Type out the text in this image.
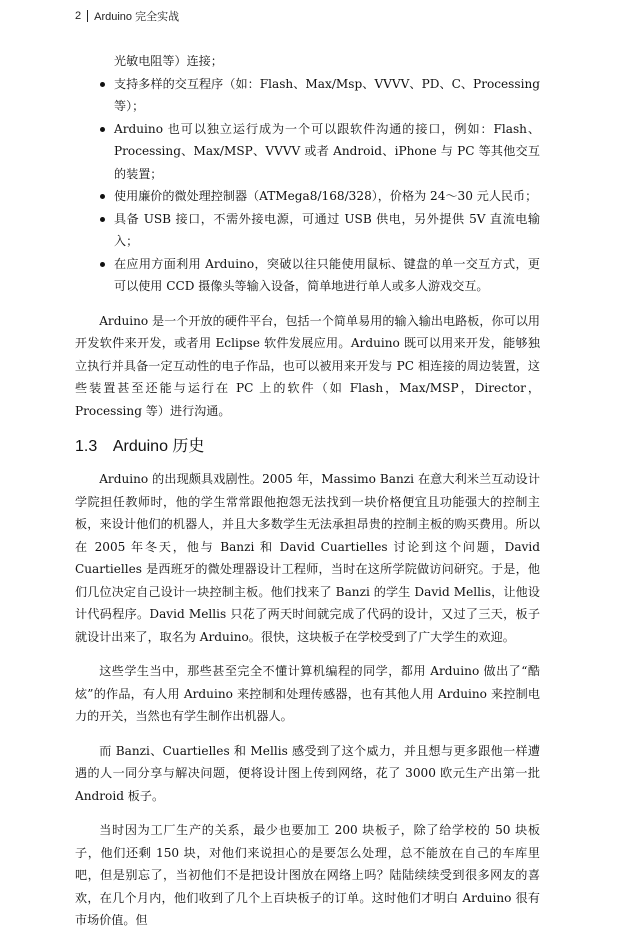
2 Arduino 完全实战
光敏电阻等）连接；
支持多样的交互程序（如：Flash、Max/Msp、VVVV、PD、C、Processing 等）；
Arduino 也可以独立运行成为一个可以跟软件沟通的接口，例如：Flash、Processing、Max/MSP、VVVV 或者 Android、iPhone 与 PC 等其他交互的装置；
使用廉价的微处理控制器（ATMega8/168/328），价格为 24～30 元人民币；
具备 USB 接口，不需外接电源，可通过 USB 供电，另外提供 5V 直流电输入；
在应用方面利用 Arduino，突破以往只能使用鼠标、键盘的单一交互方式，更可以使用 CCD 摄像头等输入设备，简单地进行单人或多人游戏交互。

Arduino 是一个开放的硬件平台，包括一个简单易用的输入输出电路板，你可以用开发软件来开发，或者用 Eclipse 软件发展应用。Arduino 既可以用来开发，能够独立执行并具备一定互动性的电子作品，也可以被用来开发与 PC 相连接的周边装置，这些装置甚至还能与运行在 PC 上的软件（如 Flash，Max/MSP，Director，Processing 等）进行沟通。

1.3 Arduino 历史

Arduino 的出现颇具戏剧性。2005 年，Massimo Banzi 在意大利米兰互动设计学院担任教师时，他的学生常常跟他抱怨无法找到一块价格便宜且功能强大的控制主板，来设计他们的机器人，并且大多数学生无法承担昂贵的控制主板的购买费用。所以在 2005 年冬天，他与 Banzi 和 David Cuartielles 讨论到这个问题，David Cuartielles 是西班牙的微处理器设计工程师，当时在这所学院做访问研究。于是，他们几位决定自己设计一块控制主板。他们找来了 Banzi 的学生 David Mellis，让他设计代码程序。David Mellis 只花了两天时间就完成了代码的设计，又过了三天，板子就设计出来了，取名为 Arduino。很快，这块板子在学校受到了广大学生的欢迎。

这些学生当中，那些甚至完全不懂计算机编程的同学，都用 Arduino 做出了“酷炫”的作品，有人用 Arduino 来控制和处理传感器，也有其他人用 Arduino 来控制电力的开关，当然也有学生制作出机器人。

而 Banzi、Cuartielles 和 Mellis 感受到了这个威力，并且想与更多跟他一样遭遇的人一同分享与解决问题，便将设计图上传到网络，花了 3000 欧元生产出第一批 Android 板子。

当时因为工厂生产的关系，最少也要加工 200 块板子，除了给学校的 50 块板子，他们还剩 150 块，对他们来说担心的是要怎么处理，总不能放在自己的车库里吧，但是别忘了，当初他们不是把设计图放在网络上吗？陆陆续续受到很多网友的喜欢，在几个月内，他们收到了几个上百块板子的订单。这时他们才明白 Arduino 很有市场价值。但
